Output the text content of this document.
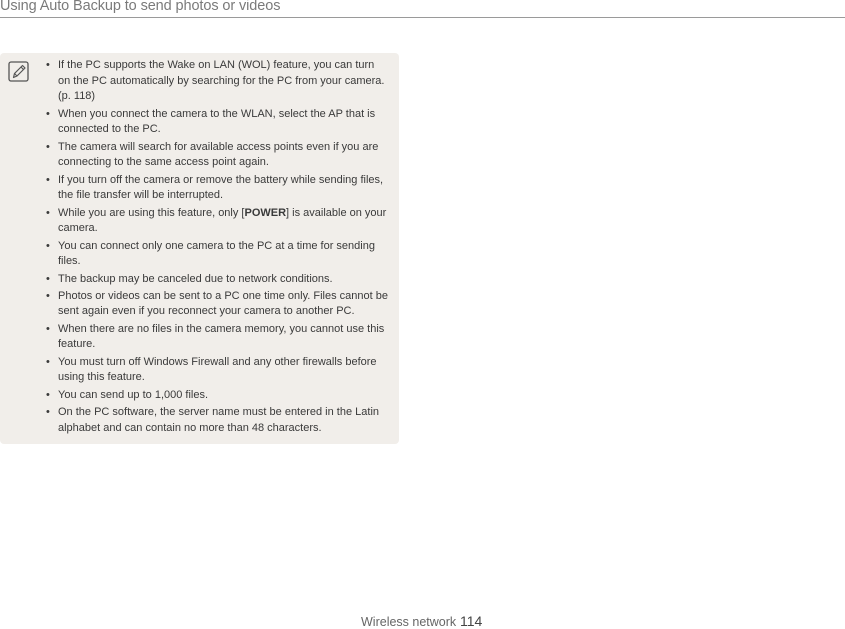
Using Auto Backup to send photos or videos
• If the PC supports the Wake on LAN (WOL) feature, you can turn on the PC automatically by searching for the PC from your camera. (p. 118)
• When you connect the camera to the WLAN, select the AP that is connected to the PC.
• The camera will search for available access points even if you are connecting to the same access point again.
• If you turn off the camera or remove the battery while sending files, the file transfer will be interrupted.
• While you are using this feature, only [POWER] is available on your camera.
• You can connect only one camera to the PC at a time for sending files.
• The backup may be canceled due to network conditions.
• Photos or videos can be sent to a PC one time only. Files cannot be sent again even if you reconnect your camera to another PC.
• When there are no files in the camera memory, you cannot use this feature.
• You must turn off Windows Firewall and any other firewalls before using this feature.
• You can send up to 1,000 files.
• On the PC software, the server name must be entered in the Latin alphabet and can contain no more than 48 characters.
Wireless network 114
